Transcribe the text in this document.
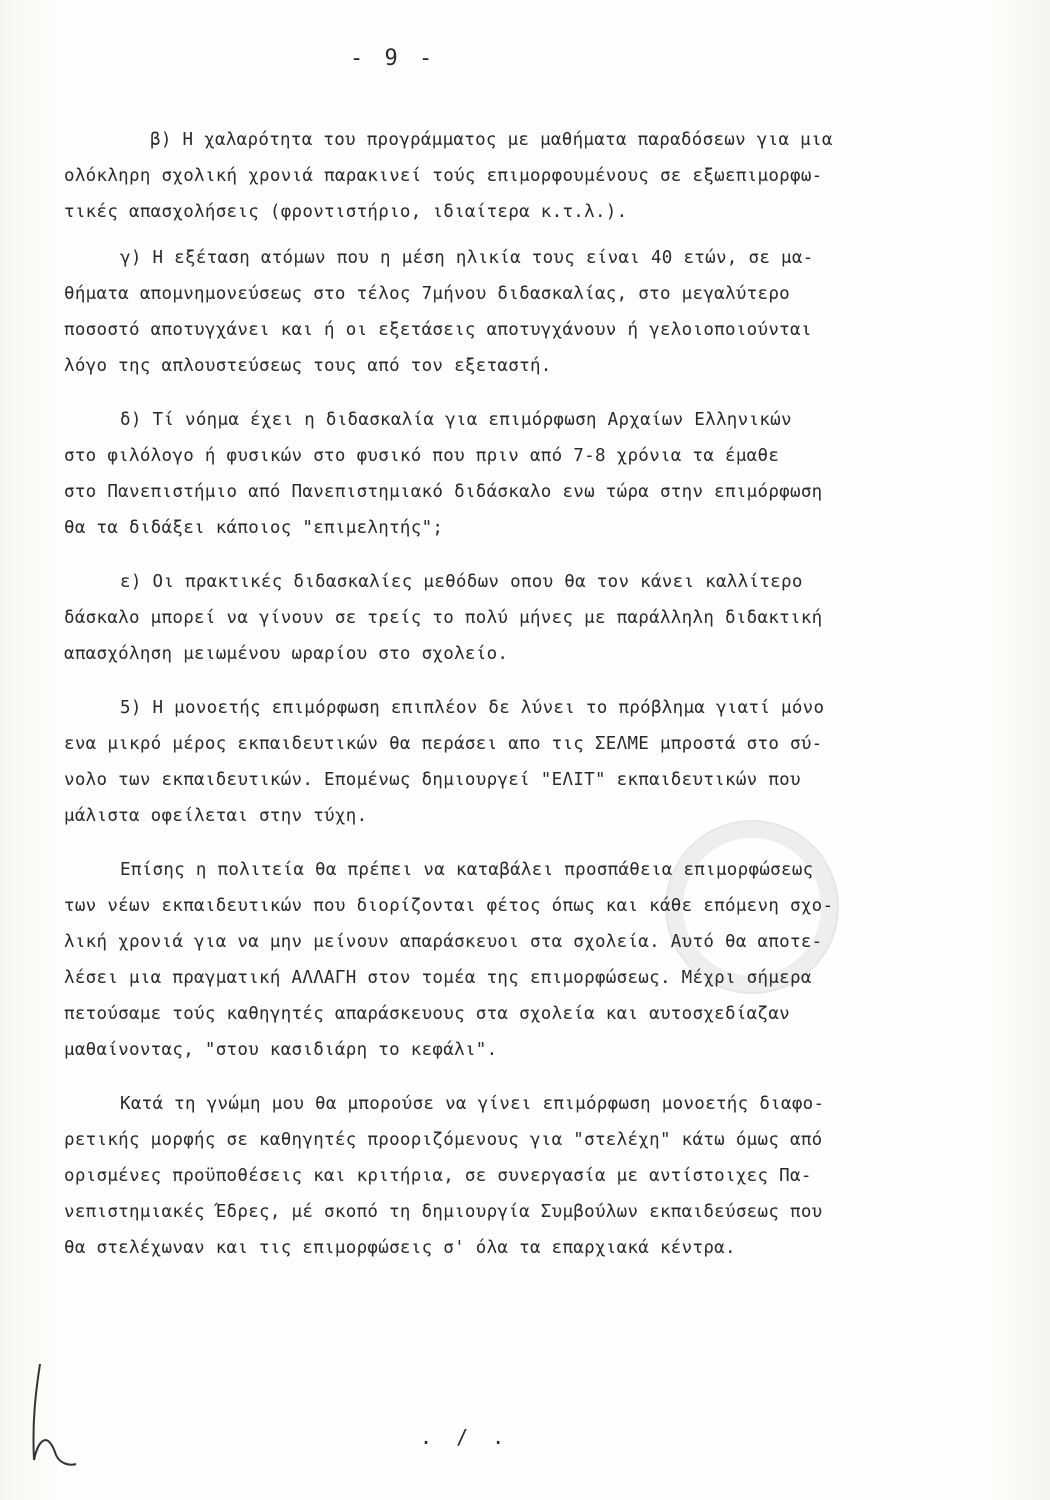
- 9 -
β) Η χαλαρότητα του προγράμματος με μαθήματα παραδόσεων για μια
ολόκληρη σχολική χρονιά παρακινεί τούς επιμορφουμένους σε εξωεπιμορφω-
τικές απασχολήσεις (φροντιστήριο, ιδιαίτερα κ.τ.λ.).
γ) Η εξέταση ατόμων που η μέση ηλικία τους είναι 40 ετών, σε μα-
θήματα απομνημονεύσεως στο τέλος 7μήνου διδασκαλίας, στο μεγαλύτερο
ποσοστό αποτυγχάνει και ή οι εξετάσεις αποτυγχάνουν ή γελοιοποιούνται
λόγο της απλουστεύσεως τους από τον εξεταστή.
δ) Τί νόημα έχει η διδασκαλία για επιμόρφωση Αρχαίων Ελληνικών
στο φιλόλογο ή φυσικών στο φυσικό που πριν από 7-8 χρόνια τα έμαθε
στο Πανεπιστήμιο από Πανεπιστημιακό διδάσκαλο ενω τώρα στην επιμόρφωση
θα τα διδάξει κάποιος "επιμελητής";
ε) Οι πρακτικές διδασκαλίες μεθόδων οπου θα τον κάνει καλλίτερο
δάσκαλο μπορεί να γίνουν σε τρείς το πολύ μήνες με παράλληλη διδακτική
απασχόληση μειωμένου ωραρίου στο σχολείο.
5) Η μονοετής επιμόρφωση επιπλέον δε λύνει το πρόβλημα γιατί μόνο
ενα μικρό μέρος εκπαιδευτικών θα περάσει απο τις ΣΕΛΜΕ μπροστά στο σύ-
νολο των εκπαιδευτικών. Επομένως δημιουργεί "ΕΛΙΤ" εκπαιδευτικών που
μάλιστα οφείλεται στην τύχη.
Επίσης η πολιτεία θα πρέπει να καταβάλει προσπάθεια επιμορφώσεως
των νέων εκπαιδευτικών που διορίζονται φέτος όπως και κάθε επόμενη σχο-
λική χρονιά για να μην μείνουν απαράσκευοι στα σχολεία. Αυτό θα αποτε-
λέσει μια πραγματική ΑΛΛΑΓΗ στον τομέα της επιμορφώσεως. Μέχρι σήμερα
πετούσαμε τούς καθηγητές απαράσκευους στα σχολεία και αυτοσχεδίαζαν
μαθαίνοντας, "στου κασιδιάρη το κεφάλι".
Κατά τη γνώμη μου θα μπορούσε να γίνει επιμόρφωση μονοετής διαφο-
ρετικής μορφής σε καθηγητές προοριζόμενους για "στελέχη" κάτω όμως από
ορισμένες προϋποθέσεις και κριτήρια, σε συνεργασία με αντίστοιχες Πα-
νεπιστημιακές Έδρες, μέ σκοπό τη δημιουργία Συμβούλων εκπαιδεύσεως που
θα στελέχωναν και τις επιμορφώσεις σ' όλα τα επαρχιακά κέντρα.
. / .
